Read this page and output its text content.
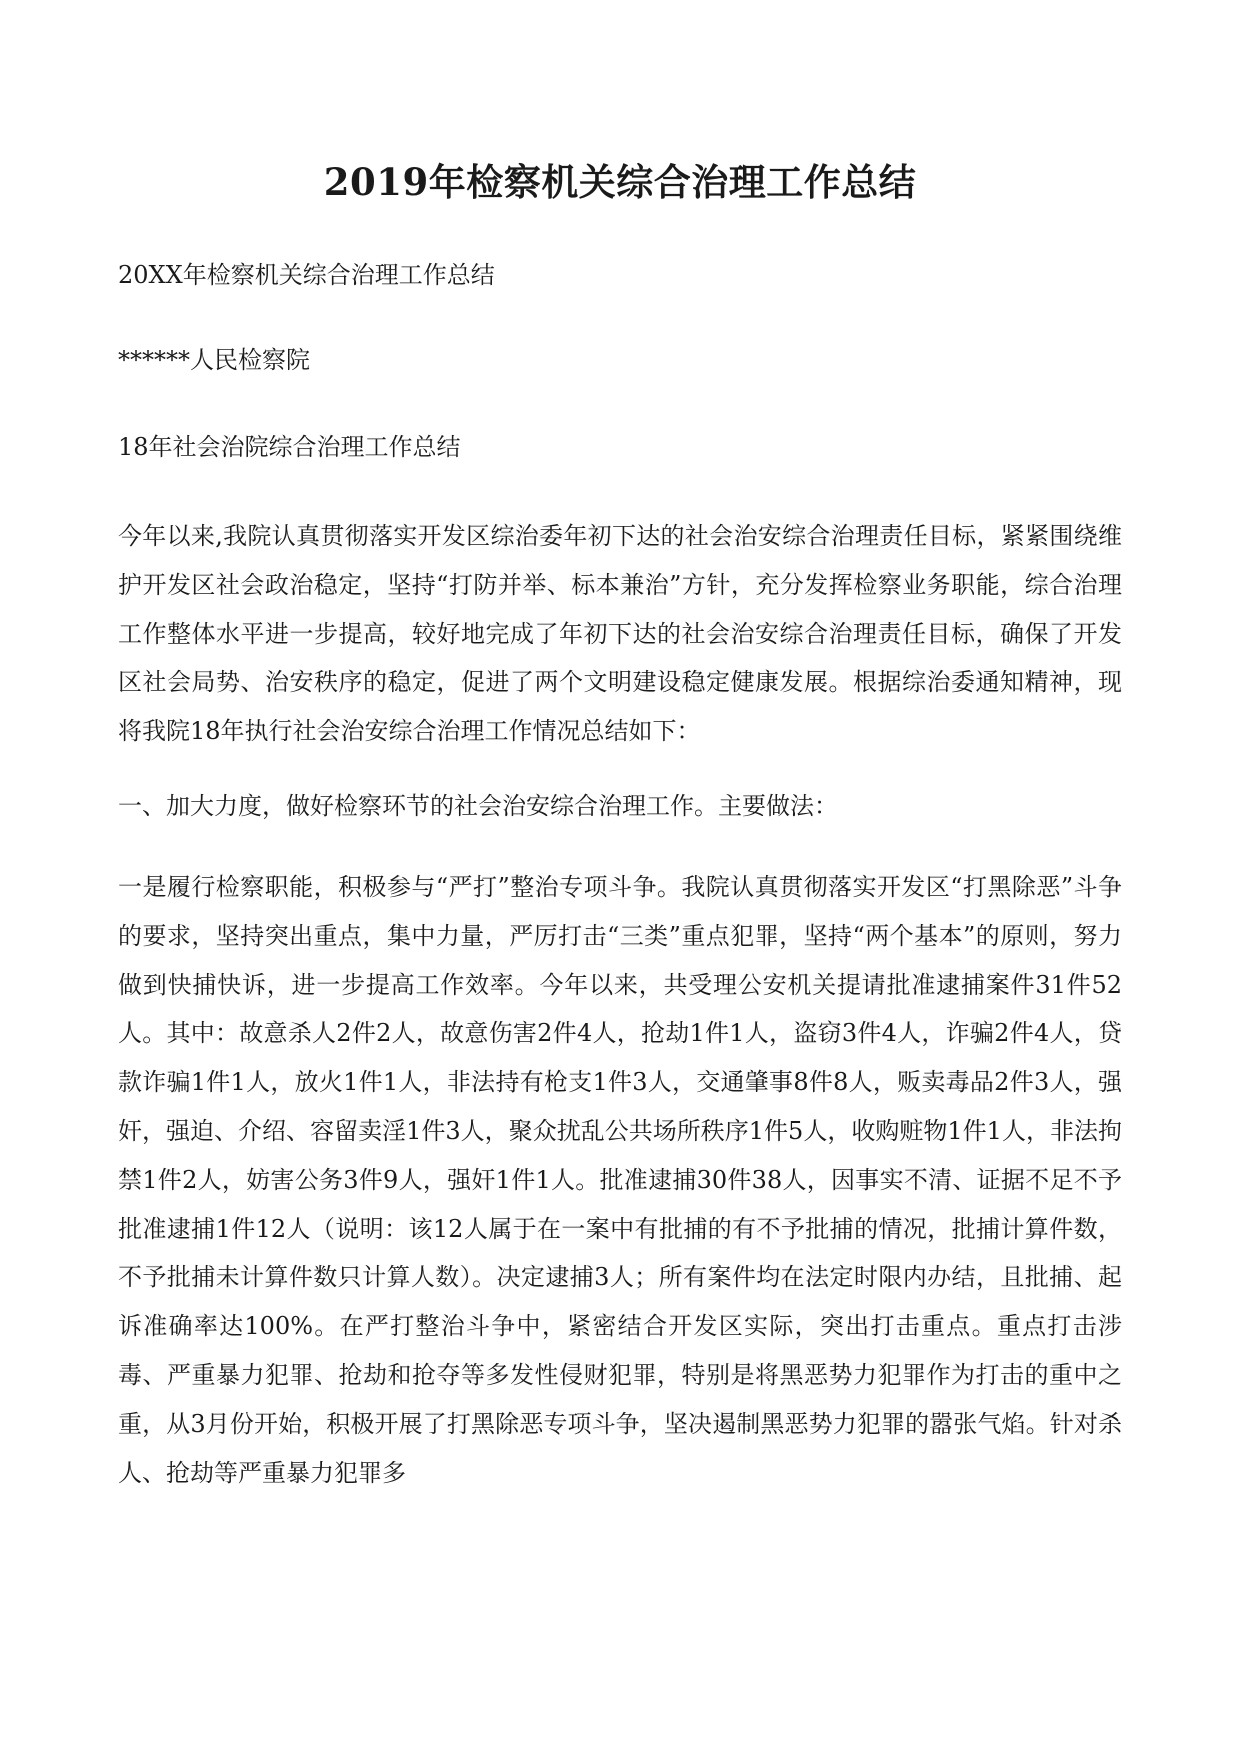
2019年检察机关综合治理工作总结

20XX年检察机关综合治理工作总结

******人民检察院

18年社会治院综合治理工作总结

今年以来,我院认真贯彻落实开发区综治委年初下达的社会治安综合治理责任目标，紧紧围绕维护开发区社会政治稳定，坚持“打防并举、标本兼治”方针，充分发挥检察业务职能，综合治理工作整体水平进一步提高，较好地完成了年初下达的社会治安综合治理责任目标，确保了开发区社会局势、治安秩序的稳定，促进了两个文明建设稳定健康发展。根据综治委通知精神，现将我院18年执行社会治安综合治理工作情况总结如下：

一、加大力度，做好检察环节的社会治安综合治理工作。主要做法：

一是履行检察职能，积极参与“严打”整治专项斗争。我院认真贯彻落实开发区“打黑除恶”斗争的要求，坚持突出重点，集中力量，严厉打击“三类”重点犯罪，坚持“两个基本”的原则，努力做到快捕快诉，进一步提高工作效率。今年以来，共受理公安机关提请批准逮捕案件31件52人。其中：故意杀人2件2人，故意伤害2件4人，抢劫1件1人，盗窃3件4人，诈骗2件4人，贷款诈骗1件1人，放火1件1人，非法持有枪支1件3人，交通肇事8件8人，贩卖毒品2件3人，强奸，强迫、介绍、容留卖淫1件3人，聚众扰乱公共场所秩序1件5人，收购赃物1件1人，非法拘禁1件2人，妨害公务3件9人，强奸1件1人。批准逮捕30件38人，因事实不清、证据不足不予批准逮捕1件12人（说明：该12人属于在一案中有批捕的有不予批捕的情况，批捕计算件数，不予批捕未计算件数只计算人数）。决定逮捕3人；所有案件均在法定时限内办结，且批捕、起诉准确率达100%。在严打整治斗争中，紧密结合开发区实际，突出打击重点。重点打击涉毒、严重暴力犯罪、抢劫和抢夺等多发性侵财犯罪，特别是将黑恶势力犯罪作为打击的重中之重，从3月份开始，积极开展了打黑除恶专项斗争，坚决遏制黑恶势力犯罪的嚣张气焰。针对杀人、抢劫等严重暴力犯罪多
